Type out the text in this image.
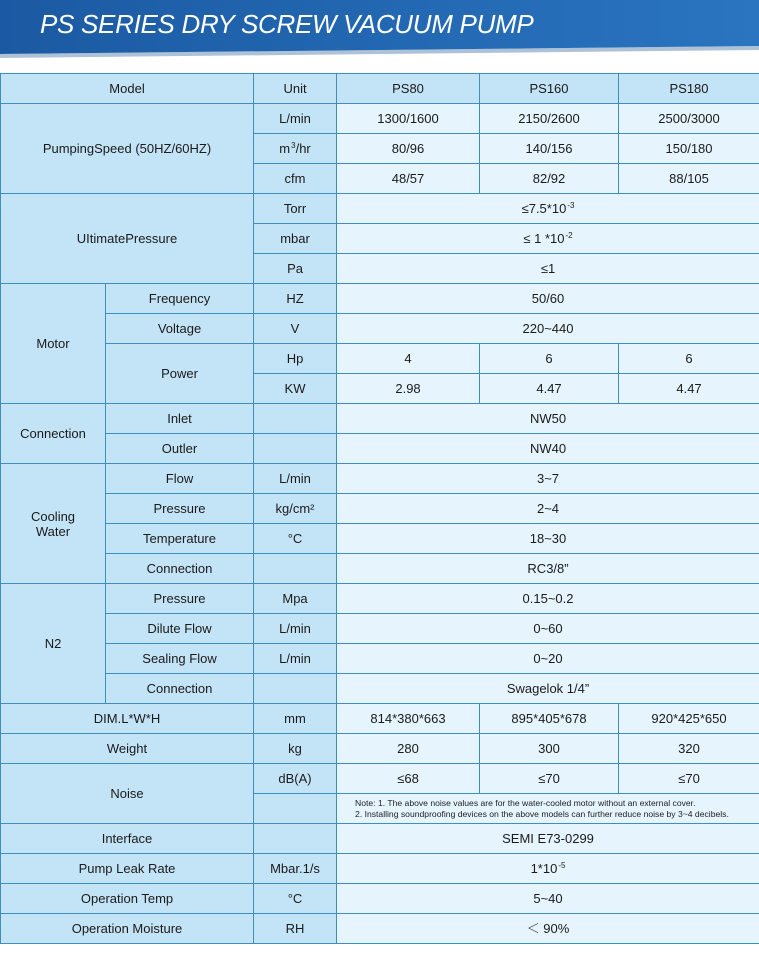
PS SERIES DRY SCREW VACUUM PUMP
Model		Unit	PS80	PS160	PS180
PumpingSpeed (50HZ/60HZ)		L/min	1300/1600	2150/2600	2500/3000
		$m^3/hr$	80/96	140/156	150/180
		cfm	48/57	82/92	88/105
UItimatePressure		Torr	$\le 7.5*10^{-3}$
		mbar	≤ 1 $*10^{-2}$
		Pa	≤1		
Motor	Frequency	HZ	50/60		
	Voltage	V	220~440		
	Power	Hp	4	6	6
		KW	2.98	4.47	4.47
Connection	Inlet		NW50		
	Outler		NW40		
Cooling
Water	Flow	L/min	3~7		
	Pressure	kg/cm²	2~4		
	Temperature	°C	18~30		
	Connection		RC3/8”		
N2	Pressure	Mpa	0.15~0.2		
	Dilute Flow	L/min	0~60		
	Sealing Flow	L/min	0~20		
	Connection		Swagelok 1/4”		
DIM.L*W*H		mm	814*380*663	895*405*678	920*425*650
Weight		kg	280	300	320
Noise		dB(A)	≤68	≤70	≤70

			Note: 1. The above noise values are for the water-cooled motor without an external cover.
2. Installing soundproofing devices on the above models can further reduce noise by 3~4 decibels.		

Interface			SEMI E73-0299		
Pump Leak Rate		Mbar.1/s	$1*10^{-5}$
Operation Temp		°C	5~40		
Operation Moisture		RH	＜ 90%		
